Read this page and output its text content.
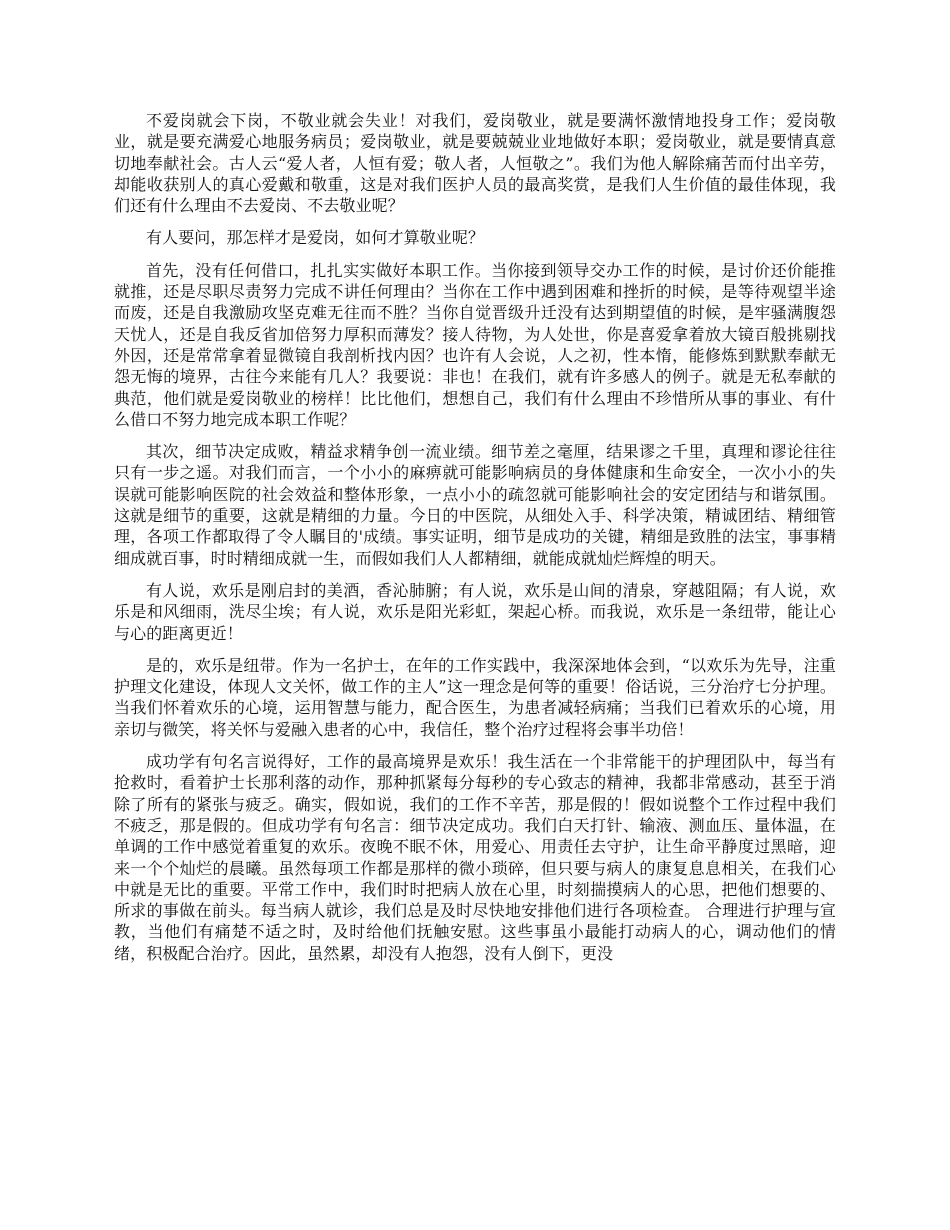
不爱岗就会下岗，不敬业就会失业！对我们，爱岗敬业，就是要满怀激情地投身工作；爱岗敬业，就是要充满爱心地服务病员；爱岗敬业，就是要兢兢业业地做好本职；爱岗敬业，就是要情真意切地奉献社会。古人云“爱人者，人恒有爱；敬人者，人恒敬之”。我们为他人解除痛苦而付出辛劳，却能收获别人的真心爱戴和敬重，这是对我们医护人员的最高奖赏，是我们人生价值的最佳体现，我们还有什么理由不去爱岗、不去敬业呢？

有人要问，那怎样才是爱岗，如何才算敬业呢？

首先，没有任何借口，扎扎实实做好本职工作。当你接到领导交办工作的时候，是讨价还价能推就推，还是尽职尽责努力完成不讲任何理由？当你在工作中遇到困难和挫折的时候，是等待观望半途而废，还是自我激励攻坚克难无往而不胜？当你自觉晋级升迁没有达到期望值的时候，是牢骚满腹怨天忧人，还是自我反省加倍努力厚积而薄发？接人待物，为人处世，你是喜爱拿着放大镜百般挑剔找外因，还是常常拿着显微镜自我剖析找内因？也许有人会说，人之初，性本惰，能修炼到默默奉献无怨无悔的境界，古往今来能有几人？我要说：非也！在我们，就有许多感人的例子。就是无私奉献的典范，他们就是爱岗敬业的榜样！比比他们，想想自己，我们有什么理由不珍惜所从事的事业、有什么借口不努力地完成本职工作呢？

其次，细节决定成败，精益求精争创一流业绩。细节差之毫厘，结果谬之千里，真理和谬论往往只有一步之遥。对我们而言，一个小小的麻痹就可能影响病员的身体健康和生命安全，一次小小的失误就可能影响医院的社会效益和整体形象，一点小小的疏忽就可能影响社会的安定团结与和谐氛围。这就是细节的重要，这就是精细的力量。今日的中医院，从细处入手、科学决策，精诚团结、精细管理，各项工作都取得了令人瞩目的'成绩。事实证明，细节是成功的关键，精细是致胜的法宝，事事精细成就百事，时时精细成就一生，而假如我们人人都精细，就能成就灿烂辉煌的明天。

有人说，欢乐是刚启封的美酒，香沁肺腑；有人说，欢乐是山间的清泉，穿越阻隔；有人说，欢乐是和风细雨，洗尽尘埃；有人说，欢乐是阳光彩虹，架起心桥。而我说，欢乐是一条纽带，能让心与心的距离更近！

是的，欢乐是纽带。作为一名护士，在年的工作实践中，我深深地体会到，“以欢乐为先导，注重护理文化建设，体现人文关怀，做工作的主人”这一理念是何等的重要！俗话说，三分治疗七分护理。当我们怀着欢乐的心境，运用智慧与能力，配合医生，为患者减轻病痛；当我们已着欢乐的心境，用亲切与微笑，将关怀与爱融入患者的心中，我信任，整个治疗过程将会事半功倍！

成功学有句名言说得好，工作的最高境界是欢乐！我生活在一个非常能干的护理团队中，每当有抢救时，看着护士长那利落的动作，那种抓紧每分每秒的专心致志的精神，我都非常感动，甚至于消除了所有的紧张与疲乏。确实，假如说，我们的工作不辛苦，那是假的！假如说整个工作过程中我们不疲乏，那是假的。但成功学有句名言：细节决定成功。我们白天打针、输液、测血压、量体温，在单调的工作中感觉着重复的欢乐。夜晚不眠不休，用爱心、用责任去守护，让生命平静度过黑暗，迎来一个个灿烂的晨曦。虽然每项工作都是那样的微小琐碎，但只要与病人的康复息息相关，在我们心中就是无比的重要。平常工作中，我们时时把病人放在心里，时刻揣摸病人的心思，把他们想要的、所求的事做在前头。每当病人就诊，我们总是及时尽快地安排他们进行各项检查。 合理进行护理与宣教，当他们有痛楚不适之时，及时给他们抚触安慰。这些事虽小最能打动病人的心，调动他们的情绪，积极配合治疗。因此，虽然累，却没有人抱怨，没有人倒下，更没
